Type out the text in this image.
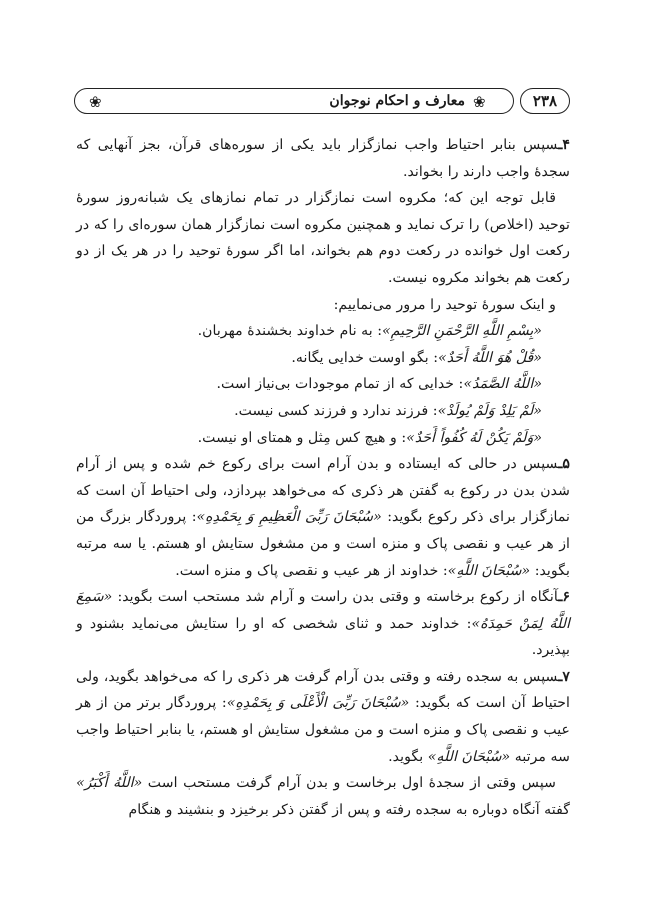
❀	معارف و احکام نوجوان ❀	۲۳۸

۴ـسپس بنابر احتیاط واجب نمازگزار باید یکی از سوره‌های قرآن، بجز آنهایی که سجدهٔ واجب دارند را بخواند.

قابل توجه این که؛ مکروه است نمازگزار در تمام نمازهای یک شبانه‌روز سورهٔ توحید (اخلاص) را ترک نماید و همچنین مکروه است نمازگزار همان سوره‌ای را که در رکعت اول خوانده در رکعت دوم هم بخواند، اما اگر سورهٔ توحید را در هر یک از دو رکعت هم بخواند مکروه نیست.

و اینک سورهٔ توحید را مرور می‌نماییم:

«بِسْمِ اللَّهِ الرَّحْمَنِ الرَّحِیمِ»: به نام خداوند بخشندهٔ مهربان.

«قُلْ هُوَ اللَّهُ أَحَدٌ»: بگو اوست خدایی یگانه.

«اللَّهُ الصَّمَدُ»: خدایی که از تمام موجودات بی‌نیاز است.

«لَمْ يَلِدْ وَلَمْ يُولَدْ»: فرزند ندارد و فرزند کسی نیست.

«وَلَمْ يَكُنْ لَهُ كُفُواً أَحَدٌ»: و هیچ کس مِثل و همتای او نیست.

۵ـسپس در حالی که ایستاده و بدن آرام است برای رکوع خم شده و پس از آرام شدن بدن در رکوع به گفتن هر ذکری که می‌خواهد بپردازد، ولی احتیاط آن است که نمازگزار برای ذکر رکوع بگوید: «سُبْحَانَ رَبِّیَ الْعَظِیمِ وَ بِحَمْدِهِ»: پروردگار بزرگ من از هر عیب و نقصی پاک و منزه است و من مشغول ستایش او هستم. یا سه مرتبه بگوید: «سُبْحَانَ اللَّهِ»: خداوند از هر عیب و نقصی پاک و منزه است.

۶ـآنگاه از رکوع برخاسته و وقتی بدن راست و آرام شد مستحب است بگوید: «سَمِعَ اللَّهُ لِمَنْ حَمِدَهُ»: خداوند حمد و ثنای شخصی که او را ستایش می‌نماید بشنود و بپذیرد.

۷ـسپس به سجده رفته و وقتی بدن آرام گرفت هر ذکری را که می‌خواهد بگوید، ولی احتیاط آن است که بگوید: «سُبْحَانَ رَبِّیَ الْأَعْلَی وَ بِحَمْدِهِ»: پروردگار برتر من از هر عیب و نقصی پاک و منزه است و من مشغول ستایش او هستم، یا بنابر احتیاط واجب سه مرتبه «سُبْحَانَ اللَّهِ» بگوید.

سپس وقتی از سجدهٔ اول برخاست و بدن آرام گرفت مستحب است «اللَّهُ أَكْبَرُ» گفته آنگاه دوباره به سجده رفته و پس از گفتن ذکر برخیزد و بنشیند و هنگام
